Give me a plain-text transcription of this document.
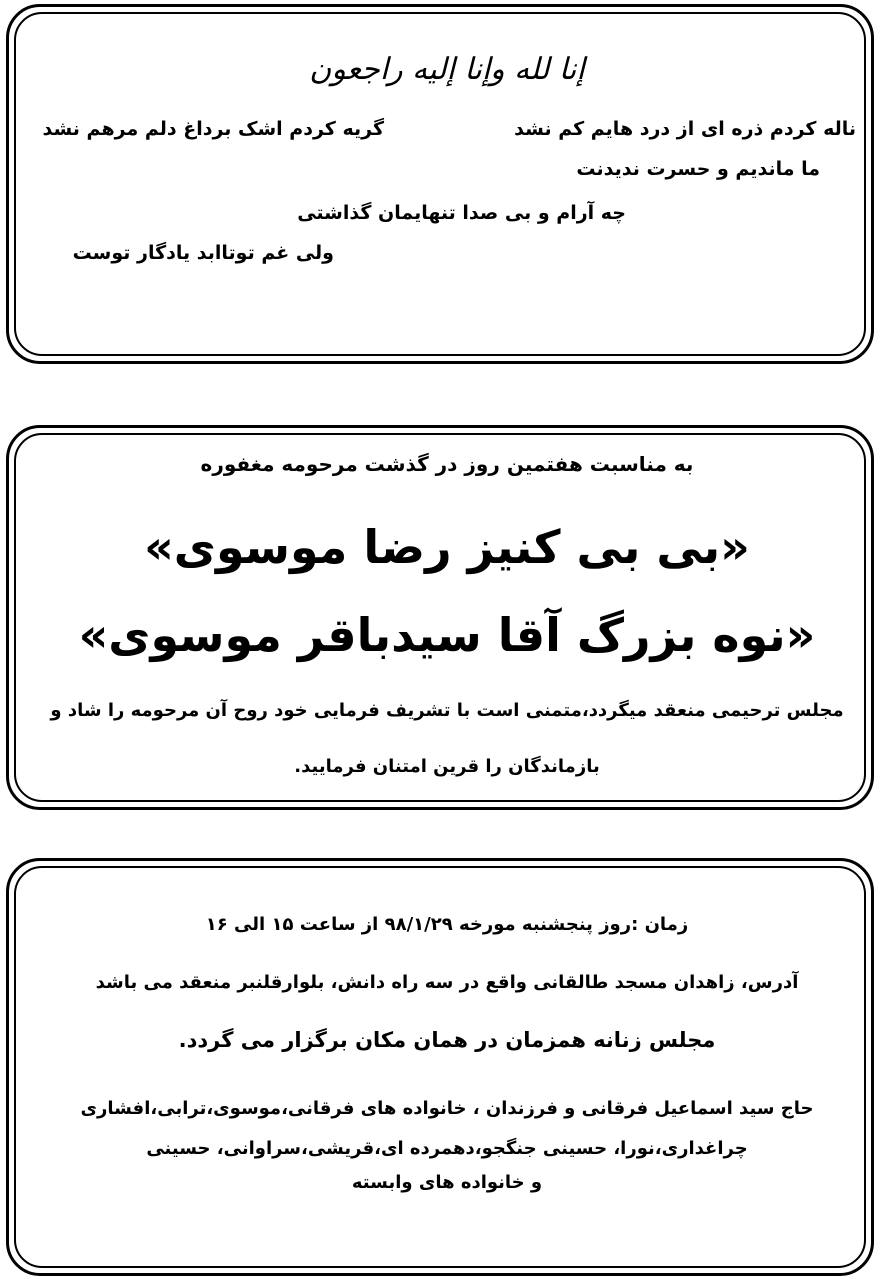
إنا لله وإنا إليه راجعون
ناله کردم ذره ای از درد هایم کم نشد
گریه کردم اشک برداغ دلم مرهم نشد
ما ماندیم و حسرت ندیدنت
چه آرام و بی صدا تنهایمان گذاشتی
ولی غم توتاابد یادگار توست
به مناسبت هفتمین روز در گذشت مرحومه مغفوره
«بی بی کنیز رضا موسوی»
«نوه بزرگ آقا سیدباقر موسوی»
مجلس ترحیمی منعقد میگردد،متمنی است با تشریف فرمایی خود روح آن مرحومه را شاد و
بازماندگان را قرین امتنان فرمایید.
زمان :روز پنجشنبه مورخه ۹۸/۱/۲۹ از ساعت ۱۵ الی ۱۶
آدرس، زاهدان مسجد طالقانی واقع در سه راه دانش، بلوارقلنبر منعقد می باشد
مجلس زنانه همزمان در همان مکان برگزار می گردد.
حاج سید اسماعیل فرقانی و فرزندان ، خانواده های فرقانی،موسوی،ترابی،افشاری
چراغداری،نورا، حسینی جنگجو،دهمرده ای،قریشی،سراوانی، حسینی
و خانواده های وابسته
